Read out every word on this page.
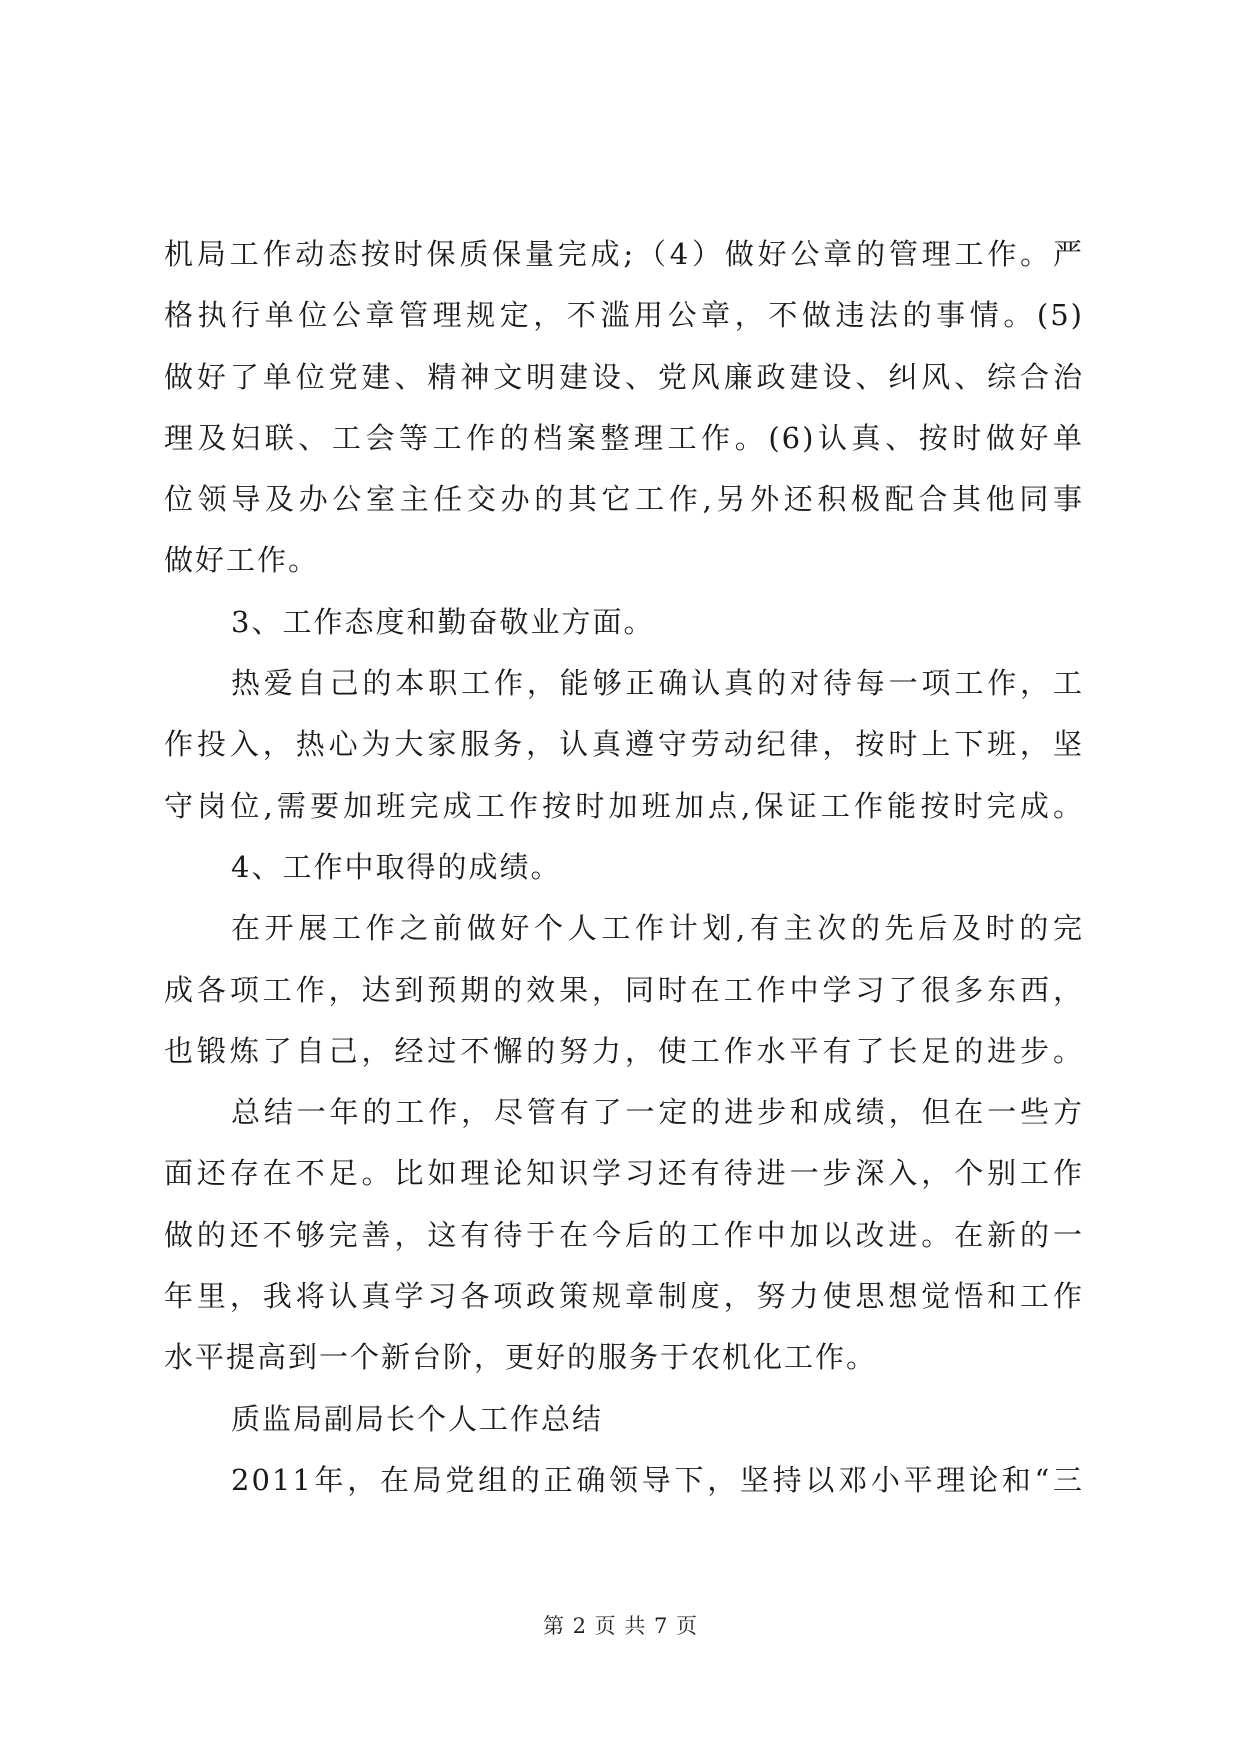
机局工作动态按时保质保量完成;（4）做好公章的管理工作。严
格执行单位公章管理规定，不滥用公章，不做违法的事情。(5)
做好了单位党建、精神文明建设、党风廉政建设、纠风、综合治
理及妇联、工会等工作的档案整理工作。(6)认真、按时做好单
位领导及办公室主任交办的其它工作,另外还积极配合其他同事
做好工作。
3、工作态度和勤奋敬业方面。
热爱自己的本职工作，能够正确认真的对待每一项工作，工
作投入，热心为大家服务，认真遵守劳动纪律，按时上下班，坚
守岗位,需要加班完成工作按时加班加点,保证工作能按时完成。
4、工作中取得的成绩。
在开展工作之前做好个人工作计划,有主次的先后及时的完
成各项工作，达到预期的效果，同时在工作中学习了很多东西，
也锻炼了自己，经过不懈的努力，使工作水平有了长足的进步。
总结一年的工作，尽管有了一定的进步和成绩，但在一些方
面还存在不足。比如理论知识学习还有待进一步深入，个别工作
做的还不够完善，这有待于在今后的工作中加以改进。在新的一
年里，我将认真学习各项政策规章制度，努力使思想觉悟和工作
水平提高到一个新台阶，更好的服务于农机化工作。
质监局副局长个人工作总结
2011年，在局党组的正确领导下，坚持以邓小平理论和“三
第 2 页 共 7 页
